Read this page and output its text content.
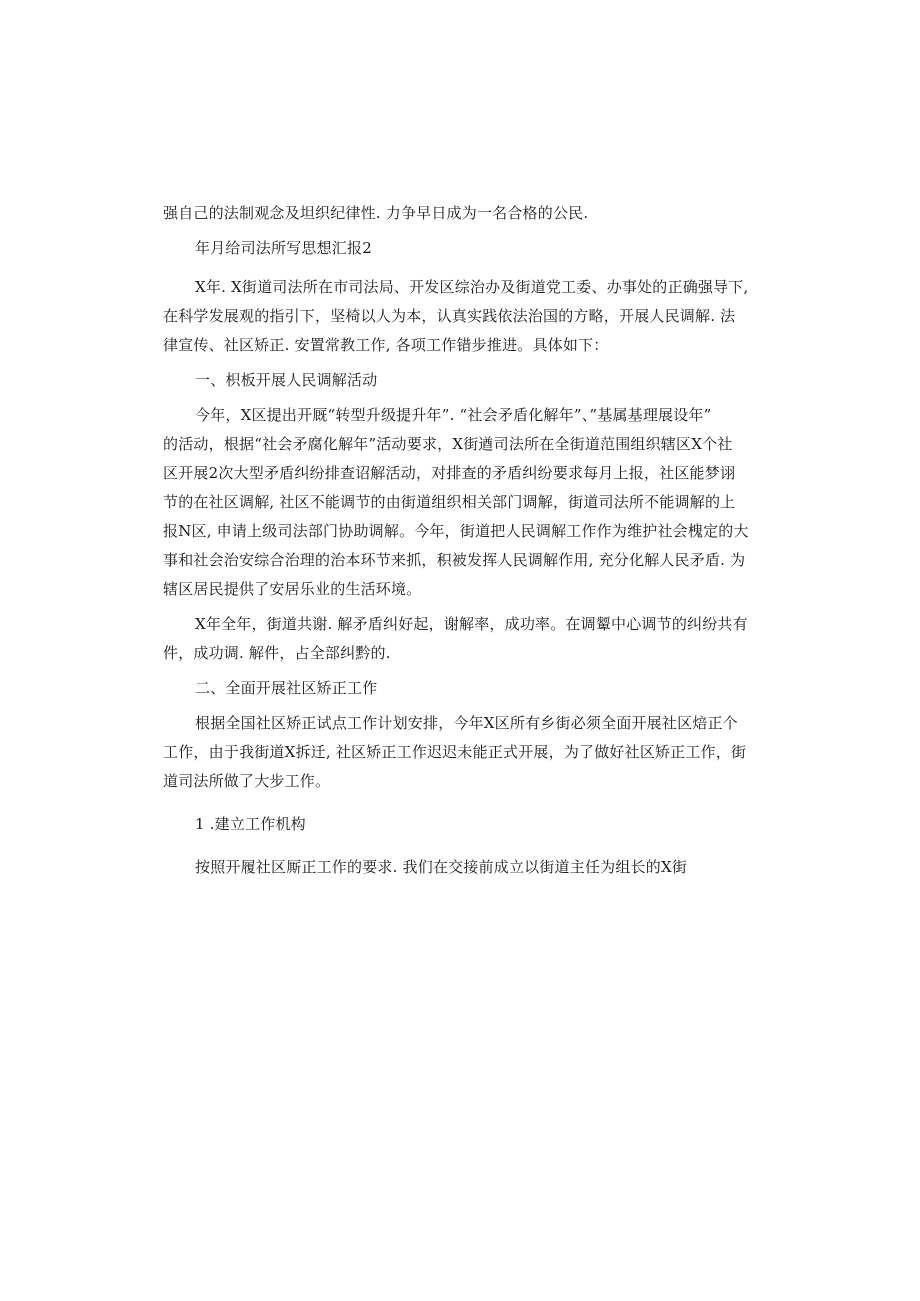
强自己的法制观念及坦织纪律性. 力争早日成为一名合格的公民.
年月给司法所写思想汇报2
X年. X街道司法所在市司法局、开发区综治办及街道党工委、办事处的正确强导下,
在科学发展观的指引下，坚椅以人为本，认真实践依法治国的方略，开展人民调解. 法
律宣传、社区矫正. 安置常教工作, 各项工作错步推进。具体如下：
一、枳板开展人民调解活动
今年，X区提出开厩“转型升级提升年”. “社会矛盾化解年”、”基属基理展设年”
的活动，根据“社会矛腐化解年”活动要求，X街遒司法所在全街道范围组织辖区X个社
区开展2次大型矛盾纠纷排查诏解活动，对排查的矛盾纠纷要求每月上报，社区能梦诩
节的在社区调解, 社区不能调节的由街道组织相关部门调解，街道司法所不能调解的上
报N区, 申请上级司法部门协助调解。今年，街道把人民调解工作作为维护社会槐定的大
事和社会治安综合治理的治本环节来抓，积被发挥人民调解作用, 充分化解人民矛盾. 为
辖区居民提供了安居乐业的生活环境。
X年全年，街道共谢. 解矛盾纠好起，谢解率，成功率。在调颦中心调节的纠纷共有
件，成功调. 解件，占全部纠黔的.
二、全面开展社区矫正工作
根据全国社区矫正试点工作计划安排，今年X区所有乡街必须全面开展社区焙正个
工作，由于我街道X拆迁, 社区矫正工作迟迟未能正式开展，为了做好社区矫正工作，街
道司法所做了大步工作。
1 .建立工作机构
按照开履社区厮正工作的要求. 我们在交接前成立以街道主任为组长的X街
